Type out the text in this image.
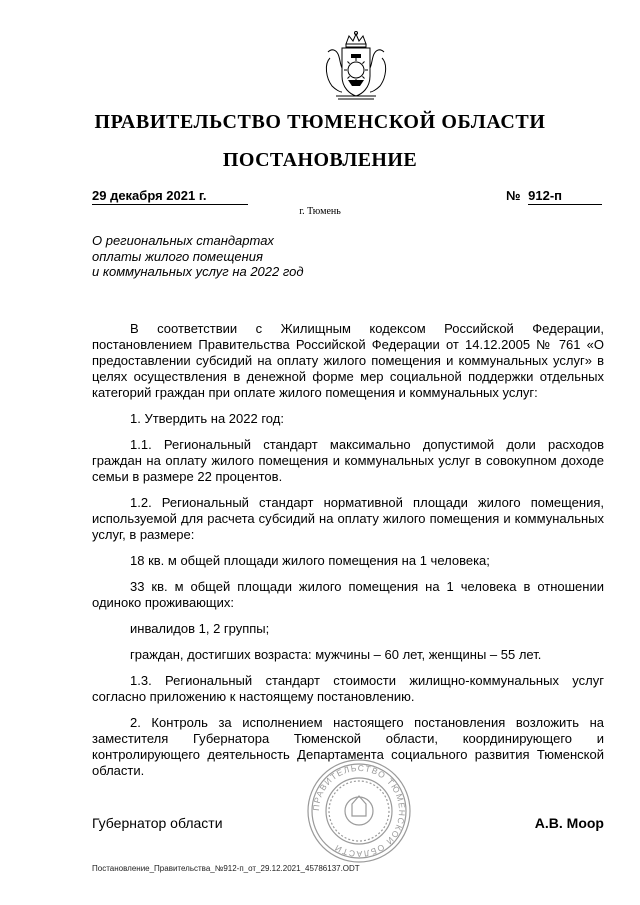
ПРАВИТЕЛЬСТВО ТЮМЕНСКОЙ ОБЛАСТИ
ПОСТАНОВЛЕНИЕ
29 декабря 2021 г.	№ 912-п
г. Тюмень
О региональных стандартах
оплаты жилого помещения
и коммунальных услуг на 2022 год

В соответствии с Жилищным кодексом Российской Федерации, постановлением Правительства Российской Федерации от 14.12.2005 № 761 «О предоставлении субсидий на оплату жилого помещения и коммунальных услуг» в целях осуществления в денежной форме мер социальной поддержки отдельных категорий граждан при оплате жилого помещения и коммунальных услуг:

1. Утвердить на 2022 год:

1.1. Региональный стандарт максимально допустимой доли расходов граждан на оплату жилого помещения и коммунальных услуг в совокупном доходе семьи в размере 22 процентов.

1.2. Региональный стандарт нормативной площади жилого помещения, используемой для расчета субсидий на оплату жилого помещения и коммунальных услуг, в размере:

18 кв. м общей площади жилого помещения на 1 человека;

33 кв. м общей площади жилого помещения на 1 человека в отношении одиноко проживающих:

инвалидов 1, 2 группы;

граждан, достигших возраста: мужчины – 60 лет, женщины – 55 лет.

1.3. Региональный стандарт стоимости жилищно-коммунальных услуг согласно приложению к настоящему постановлению.

2. Контроль за исполнением настоящего постановления возложить на заместителя Губернатора Тюменской области, координирующего и контролирующего деятельность Департамента социального развития Тюменской области.

ПРАВИТЕЛЬСТВО ТЮМЕНСКОЙ ОБЛАСТИ
Губернатор области	А.В. Моор
Постановление_Правительства_№912-п_от_29.12.2021_45786137.ODT
